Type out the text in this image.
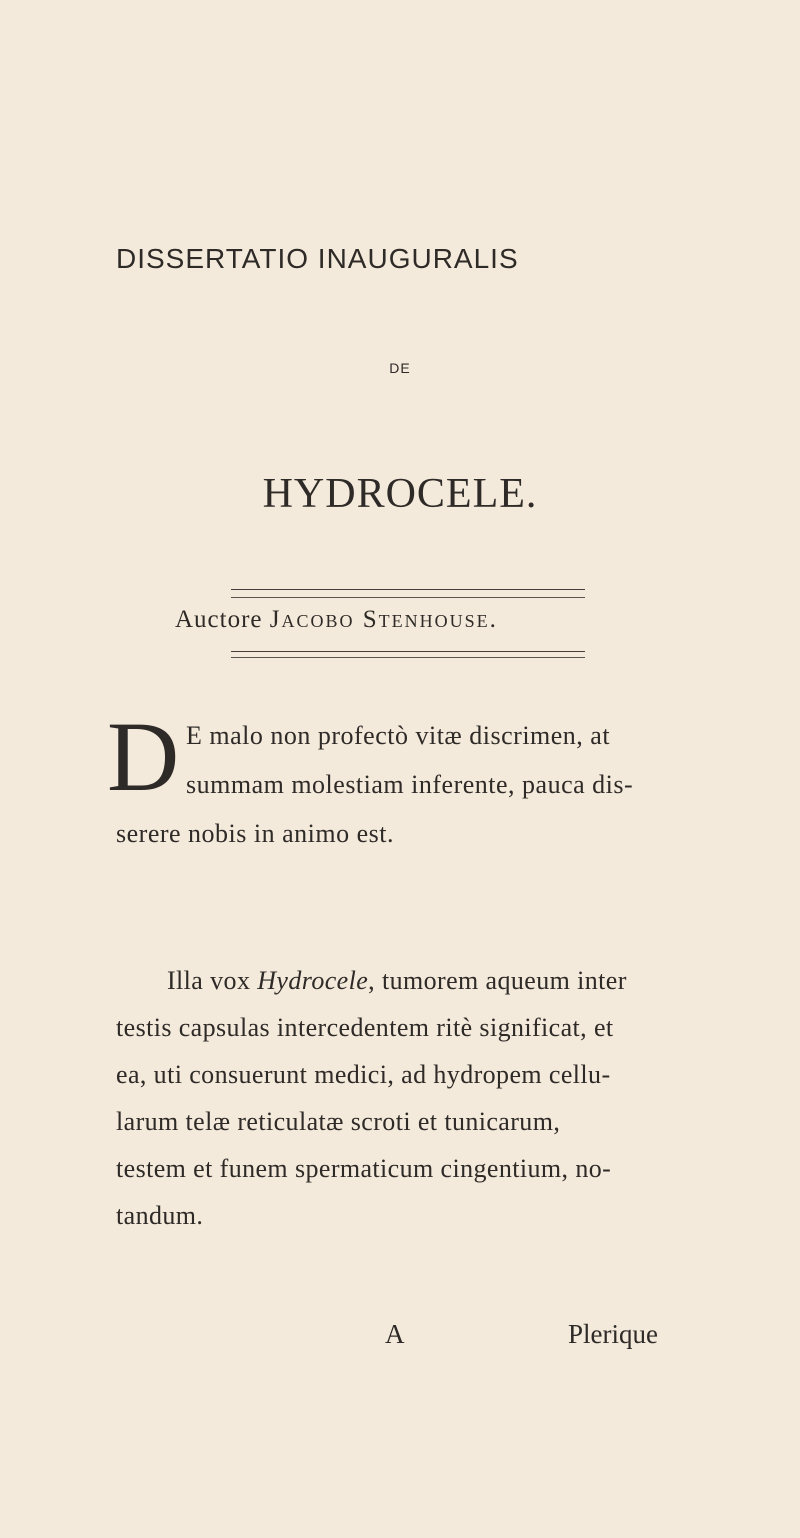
DISSERTATIO INAUGURALIS
DE
HYDROCELE.
Auctore Jacobo Stenhouse.
D E malo non profectò vitæ discrimen, at
summam molestiam inferente, pauca dis-
serere nobis in animo est.
Illa vox Hydrocele, tumorem aqueum inter
testis capsulas intercedentem ritè significat, et
ea, uti consuerunt medici, ad hydropem cellu-
larum telæ reticulatæ scroti et tunicarum,
testem et funem spermaticum cingentium, no-
tandum.
A	Plerique
